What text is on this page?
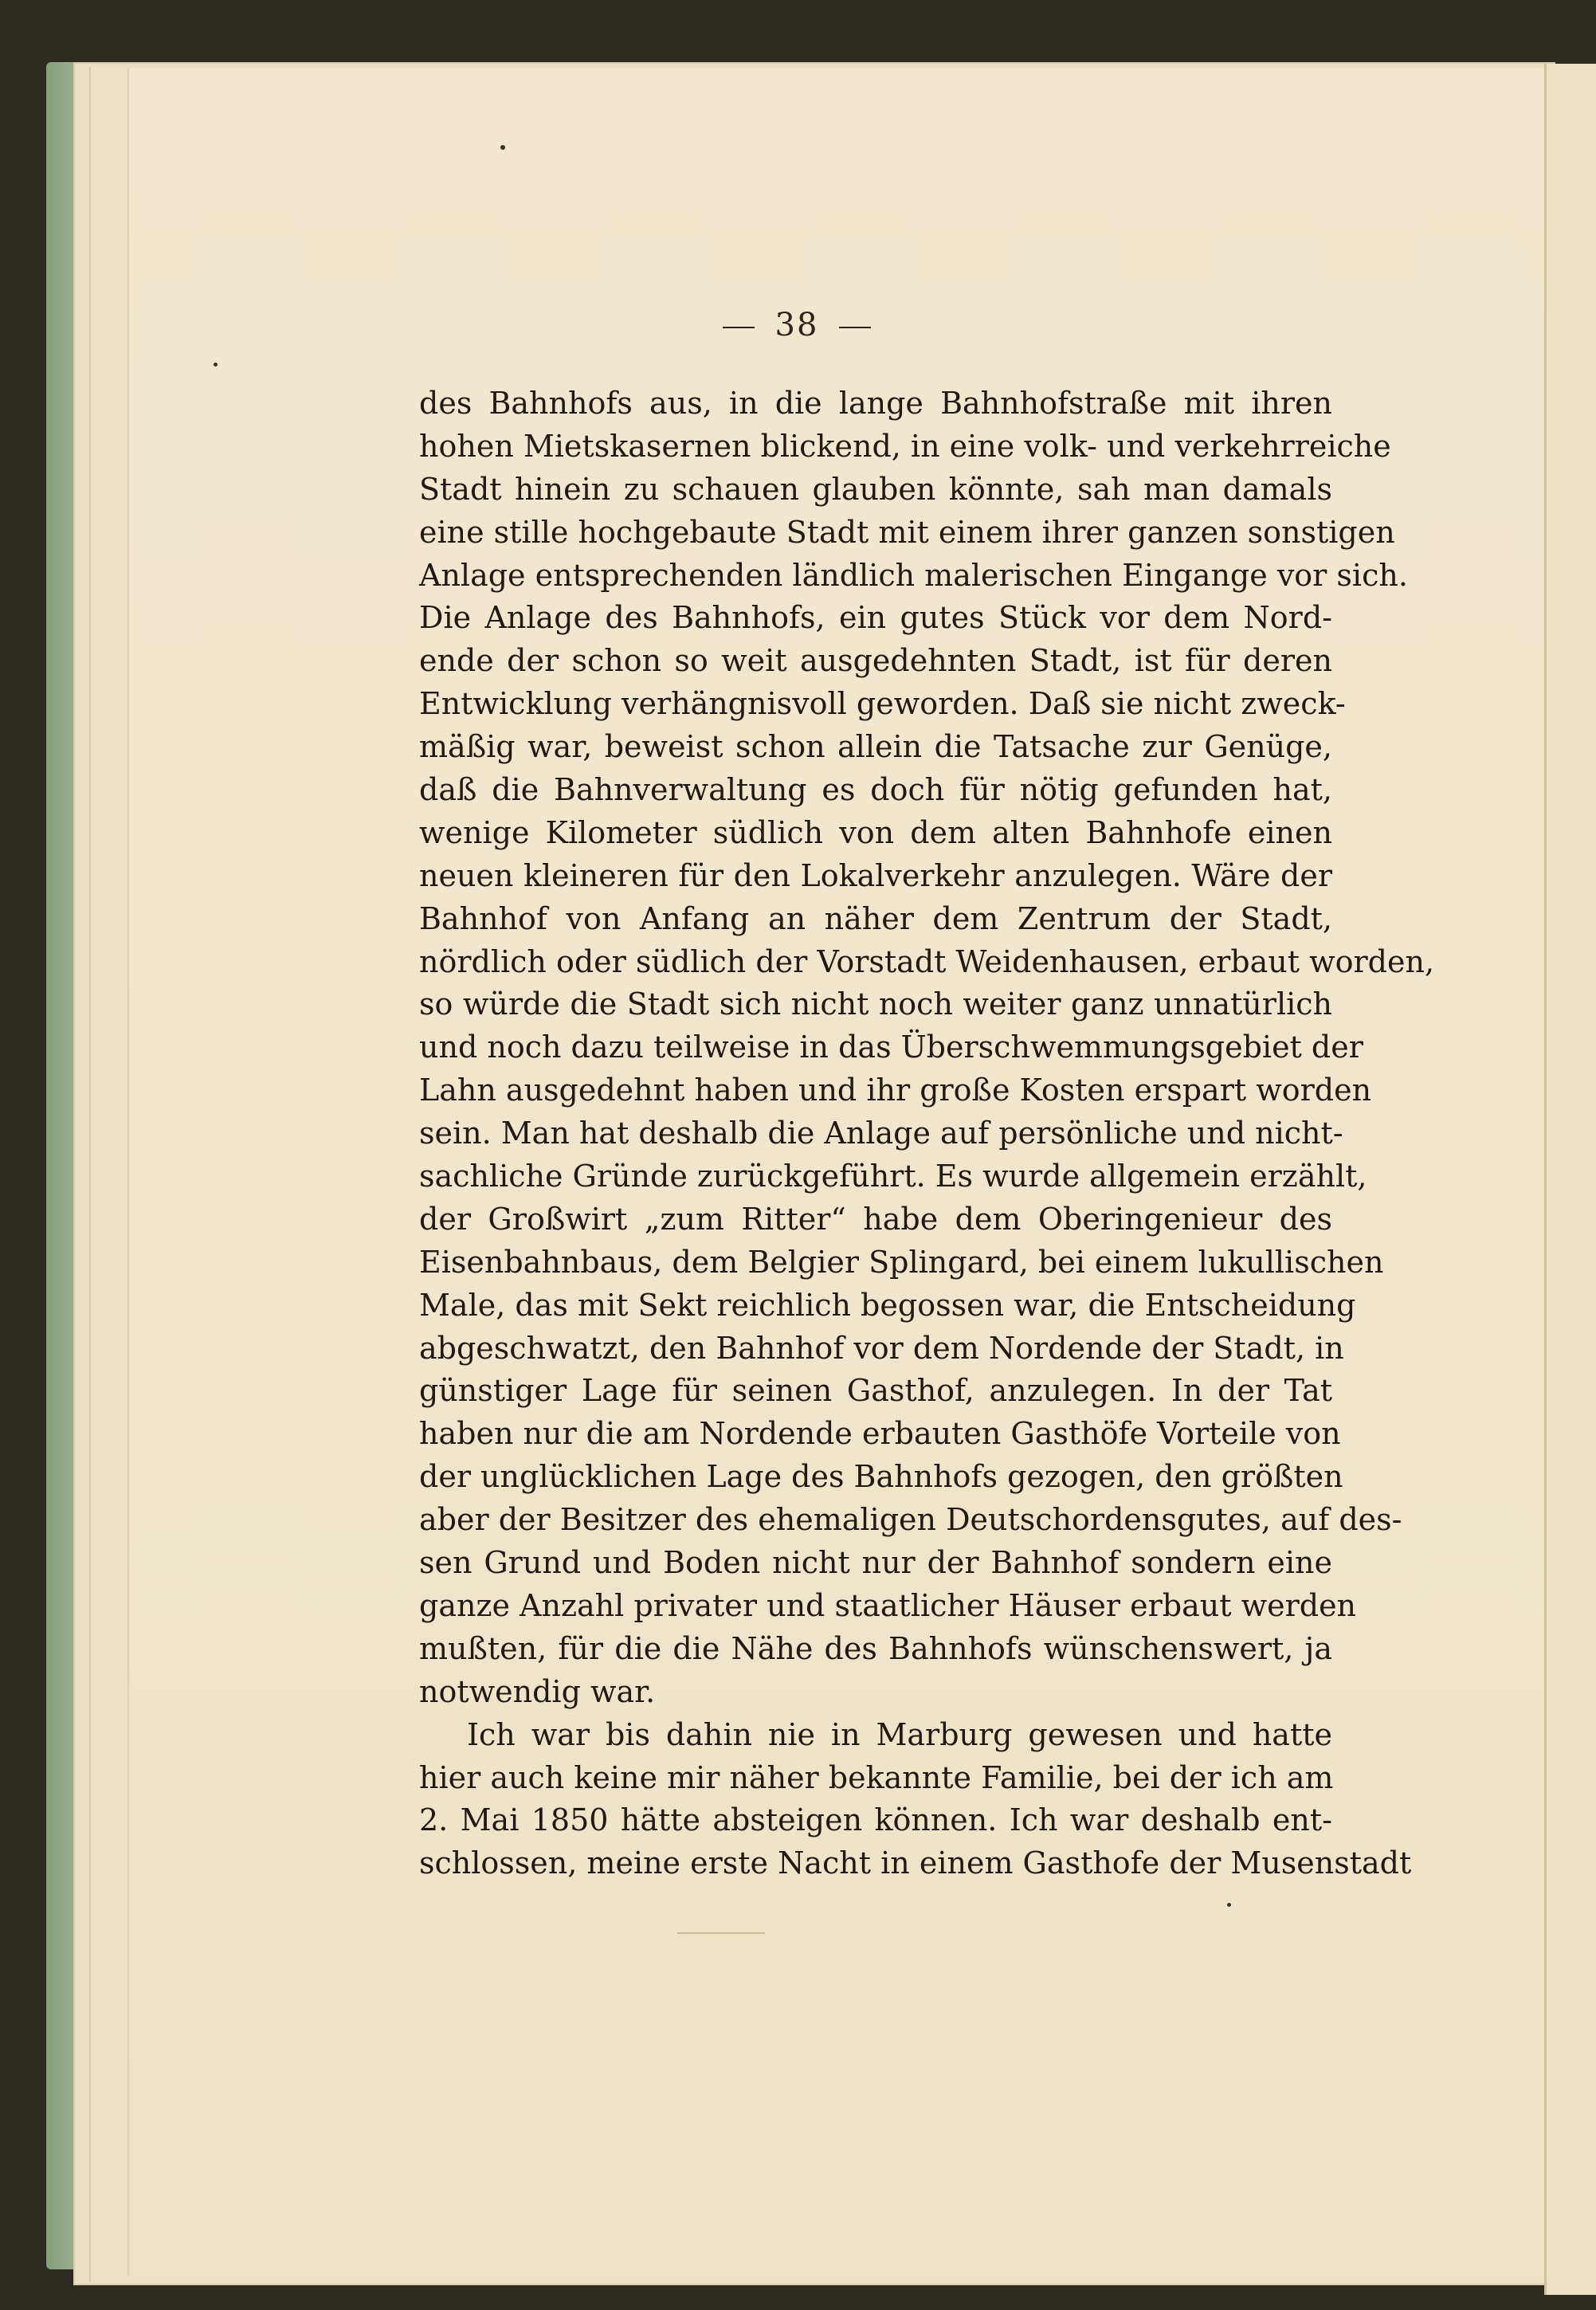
38
des Bahnhofs aus, in die lange Bahnhofstraße mit ihren
hohen Mietskasernen blickend, in eine volk- und verkehrreiche
Stadt hinein zu schauen glauben könnte, sah man damals
eine stille hochgebaute Stadt mit einem ihrer ganzen sonstigen
Anlage entsprechenden ländlich malerischen Eingange vor sich.
Die Anlage des Bahnhofs, ein gutes Stück vor dem Nord-
ende der schon so weit ausgedehnten Stadt, ist für deren
Entwicklung verhängnisvoll geworden. Daß sie nicht zweck-
mäßig war, beweist schon allein die Tatsache zur Genüge,
daß die Bahnverwaltung es doch für nötig gefunden hat,
wenige Kilometer südlich von dem alten Bahnhofe einen
neuen kleineren für den Lokalverkehr anzulegen. Wäre der
Bahnhof von Anfang an näher dem Zentrum der Stadt,
nördlich oder südlich der Vorstadt Weidenhausen, erbaut worden,
so würde die Stadt sich nicht noch weiter ganz unnatürlich
und noch dazu teilweise in das Überschwemmungsgebiet der
Lahn ausgedehnt haben und ihr große Kosten erspart worden
sein. Man hat deshalb die Anlage auf persönliche und nicht-
sachliche Gründe zurückgeführt. Es wurde allgemein erzählt,
der Großwirt „zum Ritter“ habe dem Oberingenieur des
Eisenbahnbaus, dem Belgier Splingard, bei einem lukullischen
Male, das mit Sekt reichlich begossen war, die Entscheidung
abgeschwatzt, den Bahnhof vor dem Nordende der Stadt, in
günstiger Lage für seinen Gasthof, anzulegen. In der Tat
haben nur die am Nordende erbauten Gasthöfe Vorteile von
der unglücklichen Lage des Bahnhofs gezogen, den größten
aber der Besitzer des ehemaligen Deutschordensgutes, auf des-
sen Grund und Boden nicht nur der Bahnhof sondern eine
ganze Anzahl privater und staatlicher Häuser erbaut werden
mußten, für die die Nähe des Bahnhofs wünschenswert, ja
notwendig war.
Ich war bis dahin nie in Marburg gewesen und hatte
hier auch keine mir näher bekannte Familie, bei der ich am
2. Mai 1850 hätte absteigen können. Ich war deshalb ent-
schlossen, meine erste Nacht in einem Gasthofe der Musenstadt
